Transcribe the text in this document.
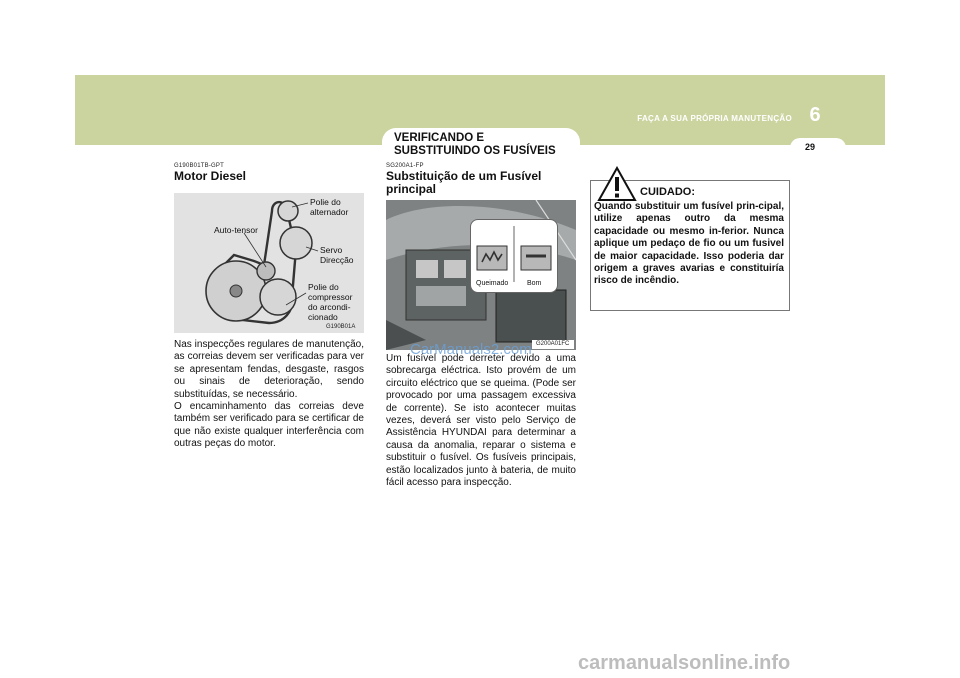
FAÇA A SUA PRÓPRIA MANUTENÇÃO 6
29
VERIFICANDO E
SUBSTITUINDO OS FUSÍVEIS
G190B01TB-GPT
Motor Diesel
Polie do
alternador
Auto-tensor
Servo
Direcção
Polie do
compressor
do arcondi-
cionado
G190B01A
Nas inspecções regulares de manutenção, as correias devem ser verificadas para ver se apresentam fendas, desgaste, rasgos ou sinais de deterioração, sendo substituídas, se necessário.
O encaminhamento das correias deve também ser verificado para se certificar de que não existe qualquer interferência com outras peças do motor.
SG200A1-FP
Substituição de um Fusível
principal
Queimado	Bom
G200A01FC
CarManuals2.com
Um fusível pode derreter devido a uma sobrecarga eléctrica. Isto provém de um circuito eléctrico que se queima. (Pode ser provocado por uma passagem excessiva de corrente). Se isto acontecer muitas vezes, deverá ser visto pelo Serviço de Assistência HYUNDAI para determinar a causa da anomalia, reparar o sistema e substituir o fusível. Os fusíveis principais, estão localizados junto à bateria, de muito fácil acesso para inspecção.
CUIDADO:
Quando substituir um fusível prin-cipal, utilize apenas outro da mesma capacidade ou mesmo in-ferior. Nunca aplique um pedaço de fio ou um fusivel de maior capacidade. Isso poderia dar origem a graves avarias e constituiría risco de incêndio.
carmanualsonline.info
